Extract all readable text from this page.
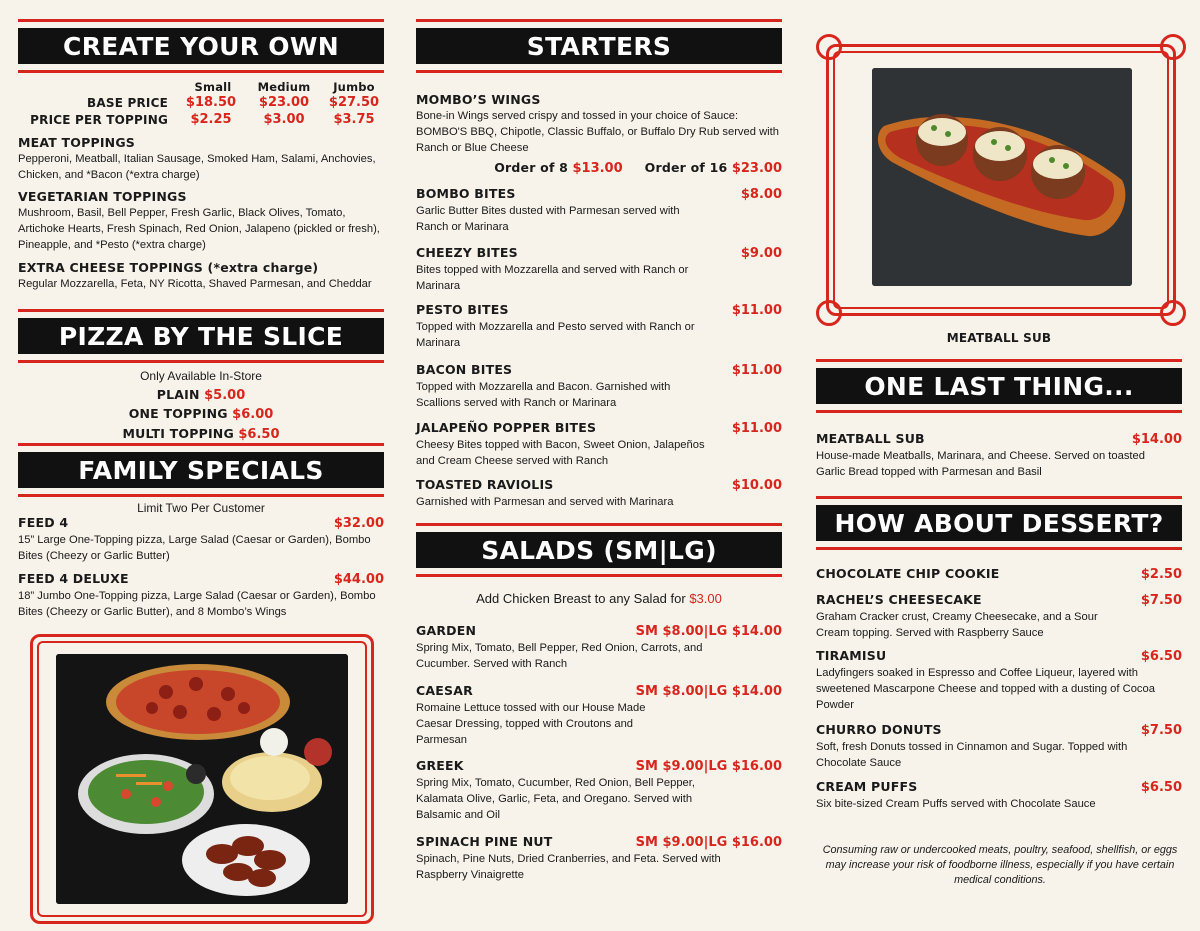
CREATE YOUR OWN
Small	Medium	Jumbo
BASE PRICE	$18.50	$23.00	$27.50
PRICE PER TOPPING	$2.25	$3.00	$3.75
MEAT TOPPINGS
Pepperoni, Meatball, Italian Sausage, Smoked Ham, Salami, Anchovies, Chicken, and *Bacon (*extra charge)
VEGETARIAN TOPPINGS
Mushroom, Basil, Bell Pepper, Fresh Garlic, Black Olives, Tomato, Artichoke Hearts, Fresh Spinach, Red Onion, Jalapeno (pickled or fresh), Pineapple, and *Pesto (*extra charge)
EXTRA CHEESE TOPPINGS (*extra charge)
Regular Mozzarella, Feta, NY Ricotta, Shaved Parmesan, and Cheddar
PIZZA BY THE SLICE
Only Available In-Store
PLAIN $5.00
ONE TOPPING $6.00
MULTI TOPPING $6.50
FAMILY SPECIALS
Limit Two Per Customer
FEED 4	$32.00
15” Large One-Topping pizza, Large Salad (Caesar or Garden), Bombo Bites (Cheezy or Garlic Butter)
FEED 4 DELUXE	$44.00
18” Jumbo One-Topping pizza, Large Salad (Caesar or Garden), Bombo Bites (Cheezy or Garlic Butter), and 8 Mombo’s Wings
STARTERS
MOMBO’S WINGS
Bone-in Wings served crispy and tossed in your choice of Sauce: BOMBO'S BBQ, Chipotle, Classic Buffalo, or Buffalo Dry Rub served with Ranch or Blue Cheese
Order of 8 $13.00 Order of 16 $23.00
BOMBO BITES	$8.00
Garlic Butter Bites dusted with Parmesan served with Ranch or Marinara
CHEEZY BITES	$9.00
Bites topped with Mozzarella and served with Ranch or Marinara
PESTO BITES	$11.00
Topped with Mozzarella and Pesto served with Ranch or Marinara
BACON BITES	$11.00
Topped with Mozzarella and Bacon. Garnished with Scallions served with Ranch or Marinara
JALAPEÑO POPPER BITES	$11.00
Cheesy Bites topped with Bacon, Sweet Onion, Jalapeños and Cream Cheese served with Ranch
TOASTED RAVIOLIS	$10.00
Garnished with Parmesan and served with Marinara
SALADS (SM|LG)
Add Chicken Breast to any Salad for $3.00
GARDEN	SM $8.00|LG $14.00
Spring Mix, Tomato, Bell Pepper, Red Onion, Carrots, and Cucumber. Served with Ranch
CAESAR	SM $8.00|LG $14.00
Romaine Lettuce tossed with our House Made Caesar Dressing, topped with Croutons and Parmesan
GREEK	SM $9.00|LG $16.00
Spring Mix, Tomato, Cucumber, Red Onion, Bell Pepper, Kalamata Olive, Garlic, Feta, and Oregano. Served with Balsamic and Oil
SPINACH PINE NUT	SM $9.00|LG $16.00
Spinach, Pine Nuts, Dried Cranberries, and Feta. Served with Raspberry Vinaigrette
MEATBALL SUB
ONE LAST THING...
MEATBALL SUB	$14.00
House-made Meatballs, Marinara, and Cheese. Served on toasted Garlic Bread topped with Parmesan and Basil
HOW ABOUT DESSERT?
CHOCOLATE CHIP COOKIE	$2.50
RACHEL’S CHEESECAKE	$7.50
Graham Cracker crust, Creamy Cheesecake, and a Sour Cream topping. Served with Raspberry Sauce
TIRAMISU	$6.50
Ladyfingers soaked in Espresso and Coffee Liqueur, layered with sweetened Mascarpone Cheese and topped with a dusting of Cocoa Powder
CHURRO DONUTS	$7.50
Soft, fresh Donuts tossed in Cinnamon and Sugar. Topped with Chocolate Sauce
CREAM PUFFS	$6.50
Six bite-sized Cream Puffs served with Chocolate Sauce
Consuming raw or undercooked meats, poultry, seafood, shellfish, or eggs may increase your risk of foodborne illness, especially if you have certain medical conditions.
